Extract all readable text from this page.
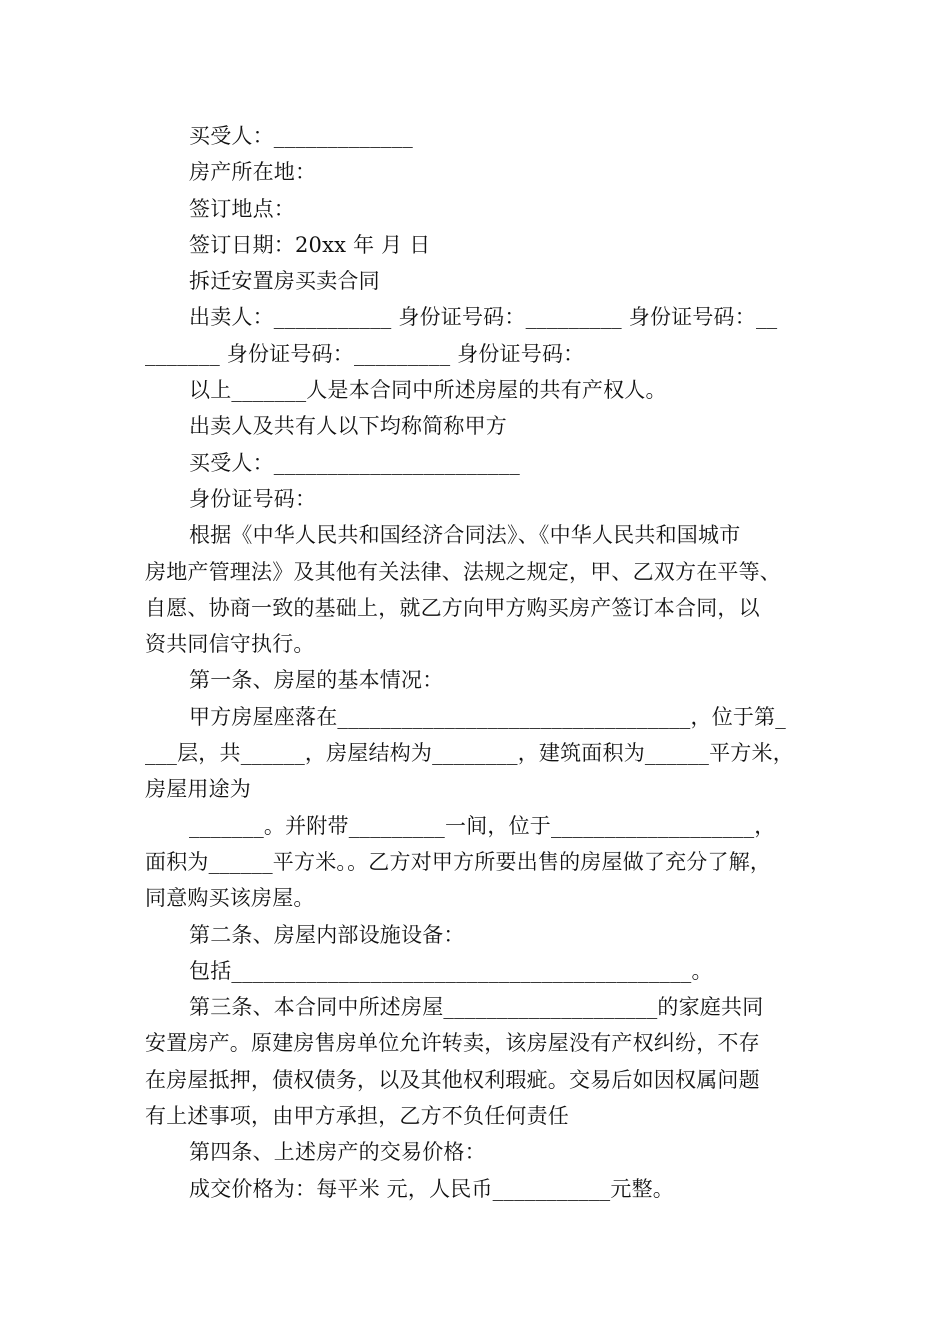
买受人：_____________

房产所在地：

签订地点：

签订日期：20xx 年 月 日

拆迁安置房买卖合同

出卖人：___________ 身份证号码：_________ 身份证号码：__

_______ 身份证号码：_________ 身份证号码：

以上_______人是本合同中所述房屋的共有产权人。

出卖人及共有人以下均称简称甲方

买受人：_______________________

身份证号码：

根据《中华人民共和国经济合同法》、《中华人民共和国城市

房地产管理法》及其他有关法律、法规之规定，甲、乙双方在平等、

自愿、协商一致的基础上，就乙方向甲方购买房产签订本合同，以

资共同信守执行。

第一条、房屋的基本情况：

甲方房屋座落在_________________________________，位于第_

___层，共______，房屋结构为________，建筑面积为______平方米，

房屋用途为

_______。并附带_________一间，位于___________________，

面积为______平方米。。乙方对甲方所要出售的房屋做了充分了解，

同意购买该房屋。

第二条、房屋内部设施设备：

包括___________________________________________。

第三条、本合同中所述房屋____________________的家庭共同

安置房产。原建房售房单位允许转卖，该房屋没有产权纠纷，不存

在房屋抵押，债权债务，以及其他权利瑕疵。交易后如因权属问题

有上述事项，由甲方承担，乙方不负任何责任

第四条、上述房产的交易价格：

成交价格为：每平米 元，人民币___________元整。
